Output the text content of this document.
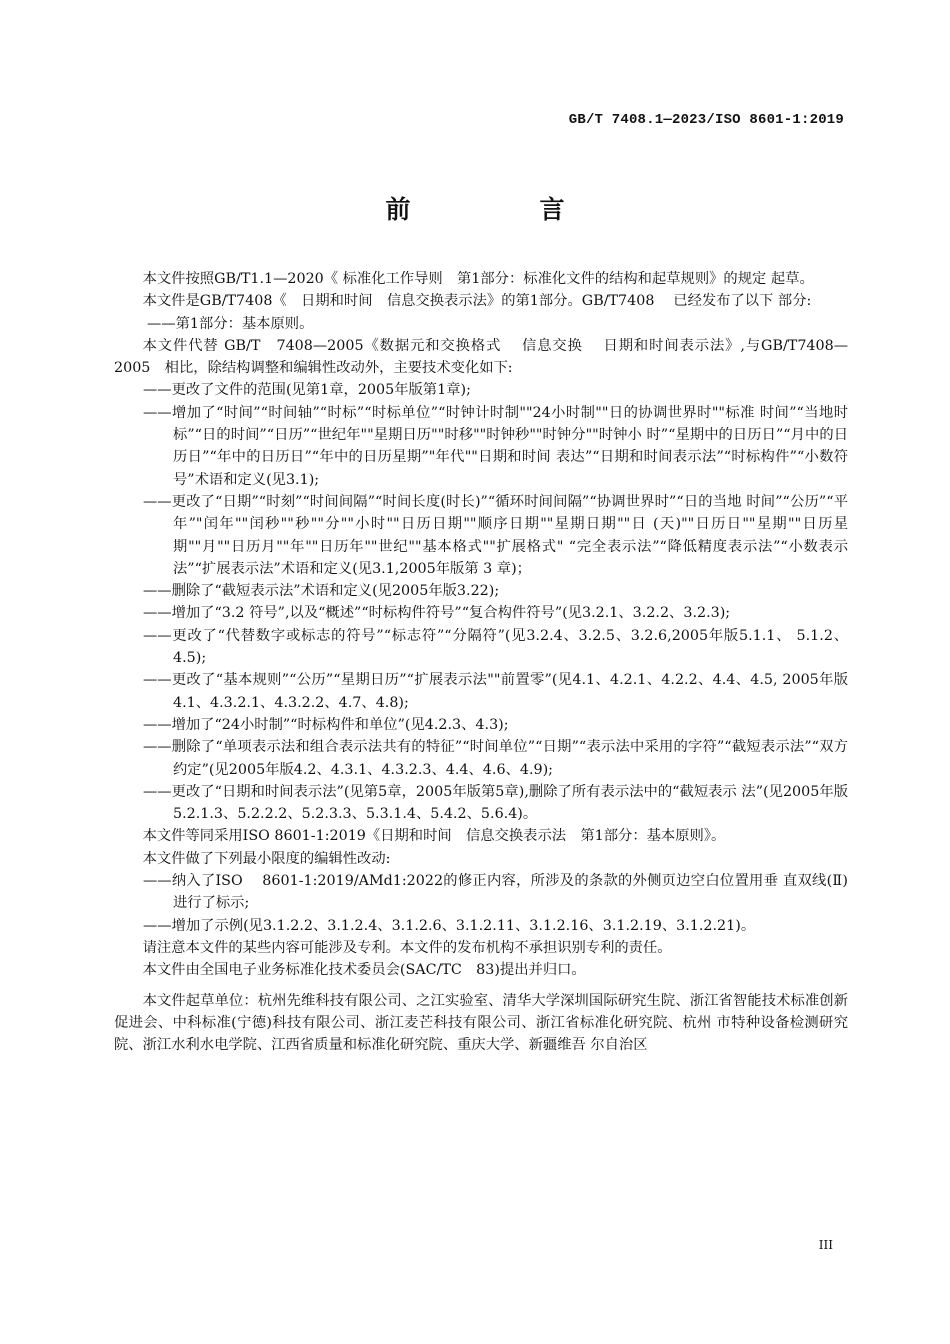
GB/T 7408.1—2023/ISO 8601-1:2019
前　言

本文件按照GB/T1.1—2020《 标准化工作导则　第1部分：标准化文件的结构和起草规则》的规定 起草。

本文件是GB/T7408《　日期和时间　信息交换表示法》的第1部分。GB/T7408　 已经发布了以下 部分:

——第1部分：基本原则。

本文件代替 GB/T　7408—2005《数据元和交换格式　 信息交换　 日期和时间表示法》,与GB/T7408—2005　相比，除结构调整和编辑性改动外，主要技术变化如下:

——更改了文件的范围(见第1章，2005年版第1章);

——增加了“时间”“时间轴”“时标”“时标单位”“时钟计时制""24小时制""日的协调世界时""标准 时间”“当地时标”“日的时间”“日历”“世纪年""星期日历""时移""时钟秒""时钟分""时钟小 时”“星期中的日历日”“月中的日历日”“年中的日历日”“年中的日历星期”"年代""日期和时间 表达”“日期和时间表示法”“时标构件”“小数符号”术语和定义(见3.1);

——更改了“日期”“时刻”“时间间隔”“时间长度(时长)”“循环时间间隔”“协调世界时”“日的当地 时间”“公历”“平年”"闰年""闰秒""秒""分""小时""日历日期""顺序日期""星期日期""日 (天)""日历日""星期""日历星期""月""日历月""年""日历年""世纪""基本格式""扩展格式" “完全表示法”“降低精度表示法”“小数表示法”“扩展表示法”术语和定义(见3.1,2005年版第 3 章)；

——删除了“截短表示法”术语和定义(见2005年版3.22);

——增加了“3.2 符号”,以及“概述”“时标构件符号”“复合构件符号”(见3.2.1、3.2.2、3.2.3);

——更改了“代替数字或标志的符号”“标志符”“分隔符”(见3.2.4、3.2.5、3.2.6,2005年版5.1.1、 5.1.2、4.5);

——更改了“基本规则”“公历”“星期日历”“扩展表示法""前置零”(见4.1、4.2.1、4.2.2、4.4、4.5, 2005年版4.1、4.3.2.1、4.3.2.2、4.7、4.8);

——增加了“24小时制”“时标构件和单位”(见4.2.3、4.3);

——删除了“单项表示法和组合表示法共有的特征”“时间单位”“日期”“表示法中采用的字符”“截短表示法”“双方约定”(见2005年版4.2、4.3.1、4.3.2.3、4.4、4.6、4.9);

——更改了“日期和时间表示法”(见第5章，2005年版第5章),删除了所有表示法中的“截短表示 法”(见2005年版5.2.1.3、5.2.2.2、5.2.3.3、5.3.1.4、5.4.2、5.6.4)。

本文件等同采用ISO 8601-1:2019《日期和时间　信息交换表示法　第1部分：基本原则》。

本文件做了下列最小限度的编辑性改动:

——纳入了ISO　 8601-1:2019/AMd1:2022的修正内容，所涉及的条款的外侧页边空白位置用垂 直双线(Ⅱ)进行了标示;

——增加了示例(见3.1.2.2、3.1.2.4、3.1.2.6、3.1.2.11、3.1.2.16、3.1.2.19、3.1.2.21)。

请注意本文件的某些内容可能涉及专利。本文件的发布机构不承担识别专利的责任。

本文件由全国电子业务标准化技术委员会(SAC/TC　83)提出并归口。

本文件起草单位：杭州先维科技有限公司、之江实验室、清华大学深圳国际研究生院、浙江省智能技术标准创新促进会、中科标准(宁德)科技有限公司、浙江麦芒科技有限公司、浙江省标准化研究院、杭州 市特种设备检测研究院、浙江水利水电学院、江西省质量和标准化研究院、重庆大学、新疆维吾 尔自治区

III
